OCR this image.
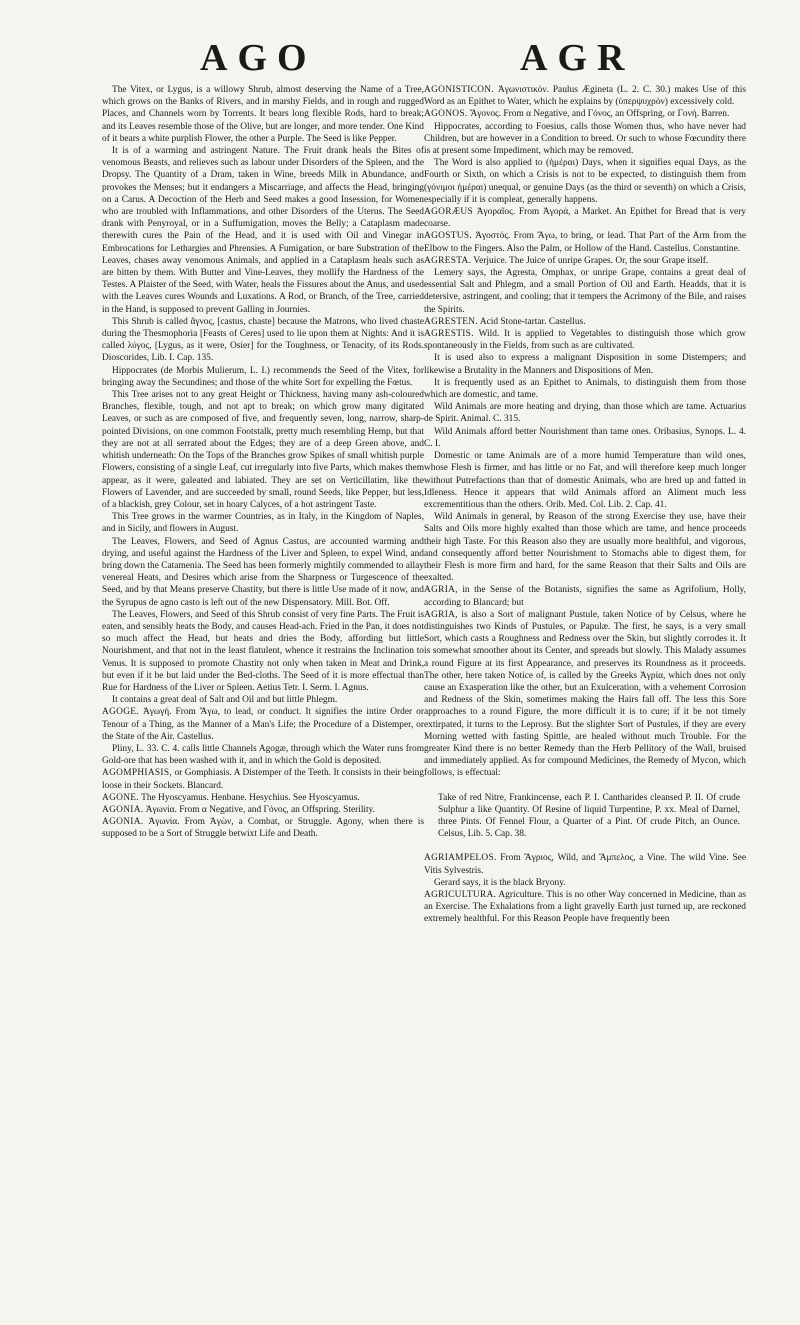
AGO	AGR

The Vitex, or Lygus, is a willowy Shrub, almost deserving the Name of a Tree, which grows on the Banks of Rivers, and in marshy Fields, and in rough and rugged Places, and Channels worn by Torrents. It bears long flexible Rods, hard to break; and its Leaves resemble those of the Olive, but are longer, and more tender. One Kind of it bears a white purplish Flower, the other a Purple. The Seed is like Pepper.

It is of a warming and astringent Nature. The Fruit drank heals the Bites of venomous Beasts, and relieves such as labour under Disorders of the Spleen, and the Dropsy. The Quantity of a Dram, taken in Wine, breeds Milk in Abundance, and provokes the Menses; but it endangers a Miscarriage, and affects the Head, bringing on a Carus. A Decoction of the Herb and Seed makes a good Insession, for Women who are troubled with Inflammations, and other Disorders of the Uterus. The Seed drank with Penyroyal, or in a Suffumigation, moves the Belly; a Cataplasm made therewith cures the Pain of the Head, and it is used with Oil and Vinegar in Embrocations for Lethargies and Phrensies. A Fumigation, or bare Substration of the Leaves, chases away venomous Animals, and applied in a Cataplasm heals such as are bitten by them. With Butter and Vine-Leaves, they mollify the Hardness of the Testes. A Plaister of the Seed, with Water, heals the Fissures about the Anus, and used with the Leaves cures Wounds and Luxations. A Rod, or Branch, of the Tree, carried in the Hand, is supposed to prevent Galling in Journies.

This Shrub is called ἄγνος, [castus, chaste] because the Matrons, who lived chaste during the Thesmophoria [Feasts of Ceres] used to lie upon them at Nights: And it is called λύγος, [Lygus, as it were, Osier] for the Toughness, or Tenacity, of its Rods. Dioscorides, Lib. I. Cap. 135.

Hippocrates (de Morbis Mulierum, L. I.) recommends the Seed of the Vitex, for bringing away the Secundines; and those of the white Sort for expelling the Fœtus.

This Tree arises not to any great Height or Thickness, having many ash-coloured Branches, flexible, tough, and not apt to break; on which grow many digitated Leaves, or such as are composed of five, and frequently seven, long, narrow, sharp-pointed Divisions, on one common Footstalk, pretty much resembling Hemp, but that they are not at all serrated about the Edges; they are of a deep Green above, and whitish underneath: On the Tops of the Branches grow Spikes of small whitish purple Flowers, consisting of a single Leaf, cut irregularly into five Parts, which makes them appear, as it were, galeated and labiated. They are set on Verticillatim, like the Flowers of Lavender, and are succeeded by small, round Seeds, like Pepper, but less, of a blackish, grey Colour, set in hoary Calyces, of a hot astringent Taste.

This Tree grows in the warmer Countries, as in Italy, in the Kingdom of Naples, and in Sicily, and flowers in August.

The Leaves, Flowers, and Seed of Agnus Castus, are accounted warming and drying, and useful against the Hardness of the Liver and Spleen, to expel Wind, and bring down the Catamenia. The Seed has been formerly mightily commended to allay venereal Heats, and Desires which arise from the Sharpness or Turgescence of the Seed, and by that Means preserve Chastity, but there is little Use made of it now, and the Syrupus de agno casto is left out of the new Dispensatory. Mill. Bot. Off.

The Leaves, Flowers, and Seed of this Shrub consist of very fine Parts. The Fruit is eaten, and sensibly heats the Body, and causes Head-ach. Fried in the Pan, it does not so much affect the Head, but heats and dries the Body, affording but little Nourishment, and that not in the least flatulent, whence it restrains the Inclination to Venus. It is supposed to promote Chastity not only when taken in Meat and Drink, but even if it be but laid under the Bed-cloths. The Seed of it is more effectual than Rue for Hardness of the Liver or Spleen. Aetius Tetr. I. Serm. I. Agnus.

It contains a great deal of Salt and Oil and but little Phlegm.

AGOGE. Ἀγωγή. From Ἄγω, to lead, or conduct. It signifies the intire Order or Tenour of a Thing, as the Manner of a Man's Life; the Procedure of a Distemper, or the State of the Air. Castellus.

Pliny, L. 33. C. 4. calls little Channels Agogæ, through which the Water runs from Gold-ore that has been washed with it, and in which the Gold is deposited.

AGOMPHIASIS, or Gomphiasis. A Distemper of the Teeth. It consists in their being loose in their Sockets. Blancard.

AGONE. The Hyoscyamus. Henbane. Hesychius. See Hyoscyamus.

AGONIA. Ἀγωνία. From α Negative, and Γόνος, an Offspring. Sterility.

AGONIA. Ἀγωνία. From Ἀγὼν, a Combat, or Struggle. Agony, when there is supposed to be a Sort of Struggle betwixt Life and Death.

AGONISTICON. Ἀγωνιστικόν. Paulus Ægineta (L. 2. C. 30.) makes Use of this Word as an Epithet to Water, which he explains by (ὑπερψυχρὸν) excessively cold.

AGONOS. Ἄγονος. From α Negative, and Γόνος, an Offspring, or Γονή. Barren.

Hippocrates, according to Foesius, calls those Women thus, who have never had Children, but are however in a Condition to breed. Or such to whose Fœcundity there is at present some Impediment, which may be removed.

The Word is also applied to (ἡμέραι) Days, when it signifies equal Days, as the Fourth or Sixth, on which a Crisis is not to be expected, to distinguish them from (γόνιμοι ἡμέραι) unequal, or genuine Days (as the third or seventh) on which a Crisis, especially if it is compleat, generally happens.

AGORÆUS Ἀγοραῖος. From Ἀγορά, a Market. An Epithet for Bread that is very coarse.

AGOSTUS. Ἀγοστός. From Ἄγω, to bring, or lead. That Part of the Arm from the Elbow to the Fingers. Also the Palm, or Hollow of the Hand. Castellus. Constantine.

AGRESTA. Verjuice. The Juice of unripe Grapes. Or, the sour Grape itself.

Lemery says, the Agresta, Omphax, or unripe Grape, contains a great deal of essential Salt and Phlegm, and a small Portion of Oil and Earth. Headds, that it is detersive, astringent, and cooling; that it tempers the Acrimony of the Bile, and raises the Spirits.

AGRESTEN. Acid Stone-tartar. Castellus.

AGRESTIS. Wild. It is applied to Vegetables to distinguish those which grow spontaneously in the Fields, from such as are cultivated.

It is used also to express a malignant Disposition in some Distempers; and likewise a Brutality in the Manners and Dispositions of Men.

It is frequently used as an Epithet to Animals, to distinguish them from those which are domestic, and tame.

Wild Animals are more heating and drying, than those which are tame. Actuarius de Spirit. Animal. C. 315.

Wild Animals afford better Nourishment than tame ones. Oribasius, Synops. L. 4. C. I.

Domestic or tame Animals are of a more humid Temperature than wild ones, whose Flesh is firmer, and has little or no Fat, and will therefore keep much longer without Putrefactions than that of domestic Animals, who are bred up and fatted in Idleness. Hence it appears that wild Animals afford an Aliment much less excrementitious than the others. Orib. Med. Col. Lib. 2. Cap. 41.

Wild Animals in general, by Reason of the strong Exercise they use, have their Salts and Oils more highly exalted than those which are tame, and hence proceeds their high Taste. For this Reason also they are usually more healthful, and vigorous, and consequently afford better Nourishment to Stomachs able to digest them, for their Flesh is more firm and hard, for the same Reason that their Salts and Oils are exalted.

AGRIA, in the Sense of the Botanists, signifies the same as Agrifolium, Holly, according to Blancard; but

AGRIA, is also a Sort of malignant Pustule, taken Notice of by Celsus, where he distinguishes two Kinds of Pustules, or Papulæ. The first, he says, is a very small Sort, which casts a Roughness and Redness over the Skin, but slightly corrodes it. It is somewhat smoother about its Center, and spreads but slowly. This Malady assumes a round Figure at its first Appearance, and preserves its Roundness as it proceeds. The other, here taken Notice of, is called by the Greeks Ἀγρία, which does not only cause an Exasperation like the other, but an Exulceration, with a vehement Corrosion and Redness of the Skin, sometimes making the Hairs fall off. The less this Sore approaches to a round Figure, the more difficult it is to cure; if it be not timely extirpated, it turns to the Leprosy. But the slighter Sort of Pustules, if they are every Morning wetted with fasting Spittle, are healed without much Trouble. For the greater Kind there is no better Remedy than the Herb Pellitory of the Wall, bruised and immediately applied. As for compound Medicines, the Remedy of Mycon, which follows, is effectual:

Take of red Nitre, Frankincense, each P. I. Cantharides cleansed P. II. Of crude Sulphur a like Quantity. Of Resine of liquid Turpentine, P. xx. Meal of Darnel, three Pints. Of Fennel Flour, a Quarter of a Pint. Of crude Pitch, an Ounce. Celsus, Lib. 5. Cap. 38.

AGRIAMPELOS. From Ἄγριος, Wild, and Ἄμπελος, a Vine. The wild Vine. See Vitis Sylvestris.

Gerard says, it is the black Bryony.

AGRICULTURA. Agriculture. This is no other Way concerned in Medicine, than as an Exercise. The Exhalations from a light gravelly Earth just turned up, are reckoned extremely healthful. For this Reason People have frequently been
